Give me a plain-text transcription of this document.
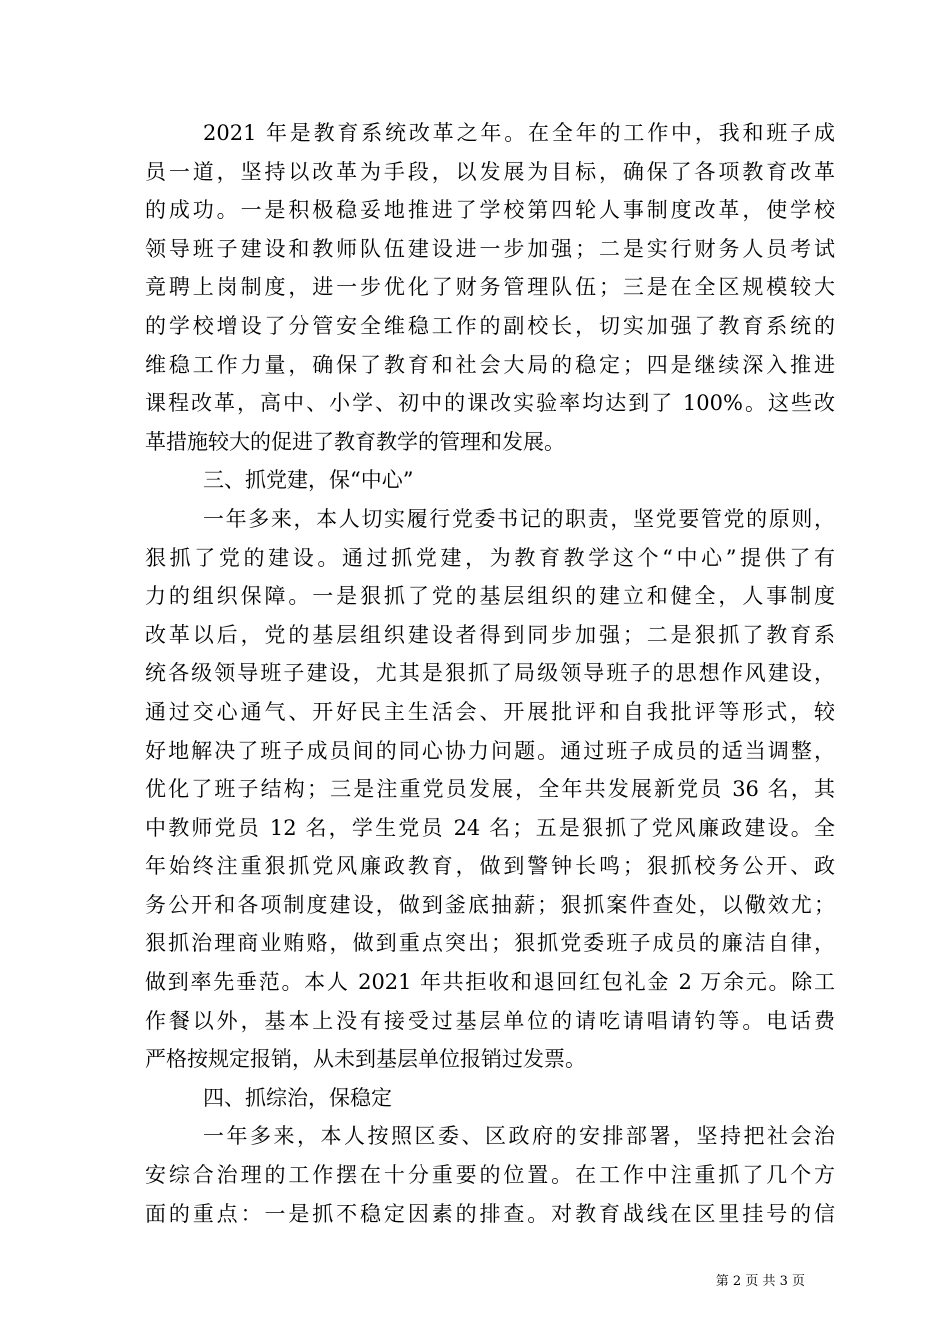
2021 年是教育系统改革之年。在全年的工作中，我和班子成
员一道，坚持以改革为手段，以发展为目标，确保了各项教育改革
的成功。一是积极稳妥地推进了学校第四轮人事制度改革，使学校
领导班子建设和教师队伍建设进一步加强；二是实行财务人员考试
竟聘上岗制度，进一步优化了财务管理队伍；三是在全区规模较大
的学校增设了分管安全维稳工作的副校长，切实加强了教育系统的
维稳工作力量，确保了教育和社会大局的稳定；四是继续深入推进
课程改革，高中、小学、初中的课改实验率均达到了 100%。这些改
革措施较大的促进了教育教学的管理和发展。
三、抓党建，保“中心”
一年多来，本人切实履行党委书记的职责，坚党要管党的原则，
狠抓了党的建设。通过抓党建，为教育教学这个“中心”提供了有
力的组织保障。一是狠抓了党的基层组织的建立和健全，人事制度
改革以后，党的基层组织建设者得到同步加强；二是狠抓了教育系
统各级领导班子建设，尤其是狠抓了局级领导班子的思想作风建设，
通过交心通气、开好民主生活会、开展批评和自我批评等形式，较
好地解决了班子成员间的同心协力问题。通过班子成员的适当调整，
优化了班子结构；三是注重党员发展，全年共发展新党员 36 名，其
中教师党员 12 名，学生党员 24 名；五是狠抓了党风廉政建设。全
年始终注重狠抓党风廉政教育，做到警钟长鸣；狠抓校务公开、政
务公开和各项制度建设，做到釜底抽薪；狠抓案件查处，以儆效尤；
狠抓治理商业贿赂，做到重点突出；狠抓党委班子成员的廉洁自律，
做到率先垂范。本人 2021 年共拒收和退回红包礼金 2 万余元。除工
作餐以外，基本上没有接受过基层单位的请吃请唱请钓等。电话费
严格按规定报销，从未到基层单位报销过发票。
四、抓综治，保稳定
一年多来，本人按照区委、区政府的安排部署，坚持把社会治
安综合治理的工作摆在十分重要的位置。在工作中注重抓了几个方
面的重点：一是抓不稳定因素的排查。对教育战线在区里挂号的信
第 2 页 共 3 页
